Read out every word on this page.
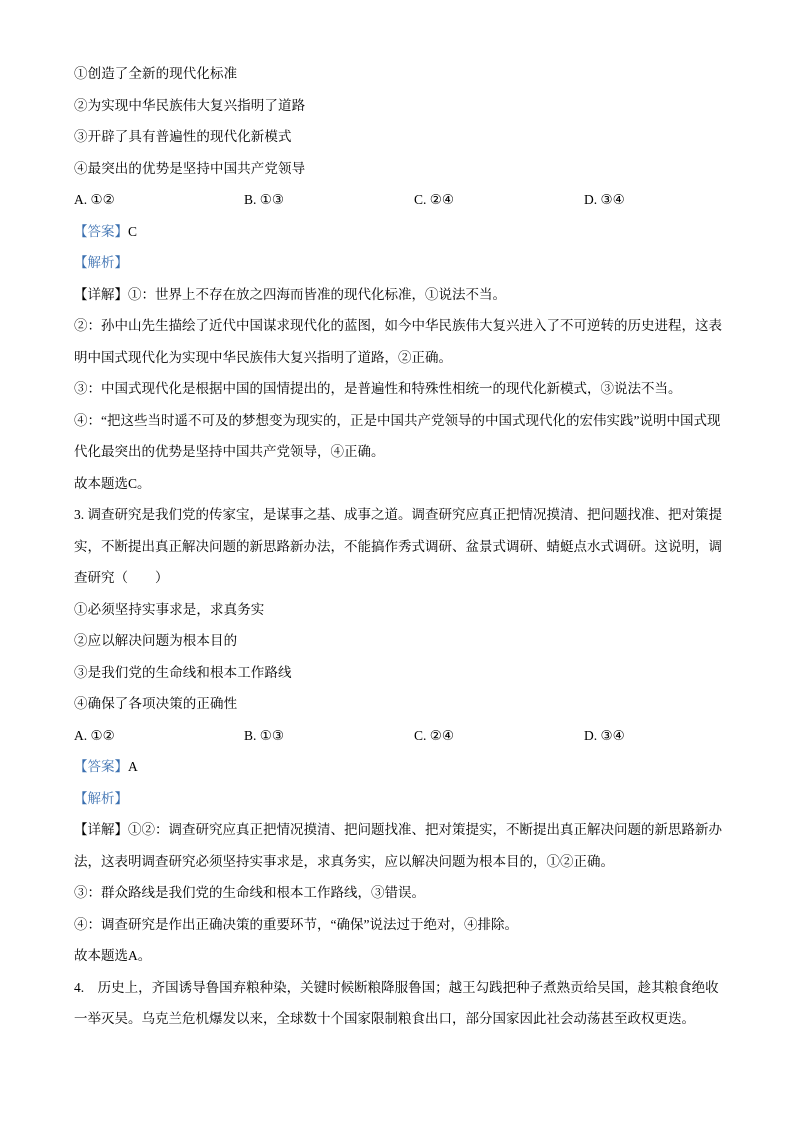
①创造了全新的现代化标准
②为实现中华民族伟大复兴指明了道路
③开辟了具有普遍性的现代化新模式
④最突出的优势是坚持中国共产党领导
A. ①②	B. ①③	C. ②④	D. ③④
【答案】C
【解析】

【详解】①：世界上不存在放之四海而皆准的现代化标准，①说法不当。

②：孙中山先生描绘了近代中国谋求现代化的蓝图，如今中华民族伟大复兴进入了不可逆转的历史进程，这表明中国式现代化为实现中华民族伟大复兴指明了道路，②正确。

③：中国式现代化是根据中国的国情提出的，是普遍性和特殊性相统一的现代化新模式，③说法不当。

④：“把这些当时遥不可及的梦想变为现实的，正是中国共产党领导的中国式现代化的宏伟实践”说明中国式现代化最突出的优势是坚持中国共产党领导，④正确。

故本题选C。

3. 调查研究是我们党的传家宝，是谋事之基、成事之道。调查研究应真正把情况摸清、把问题找准、把对策提实，不断提出真正解决问题的新思路新办法，不能搞作秀式调研、盆景式调研、蜻蜓点水式调研。这说明，调查研究（　　）
①必须坚持实事求是，求真务实
②应以解决问题为根本目的
③是我们党的生命线和根本工作路线
④确保了各项决策的正确性
A. ①②	B. ①③	C. ②④	D. ③④
【答案】A
【解析】

【详解】①②：调查研究应真正把情况摸清、把问题找准、把对策提实，不断提出真正解决问题的新思路新办法，这表明调查研究必须坚持实事求是，求真务实，应以解决问题为根本目的，①②正确。

③：群众路线是我们党的生命线和根本工作路线，③错误。

④：调查研究是作出正确决策的重要环节，“确保”说法过于绝对，④排除。

故本题选A。

4.　 历史上，齐国诱导鲁国弃粮种染，关键时候断粮降服鲁国；越王勾践把种子煮熟贡给吴国，趁其粮食绝收一举灭吴。乌克兰危机爆发以来，全球数十个国家限制粮食出口，部分国家因此社会动荡甚至政权更迭。
